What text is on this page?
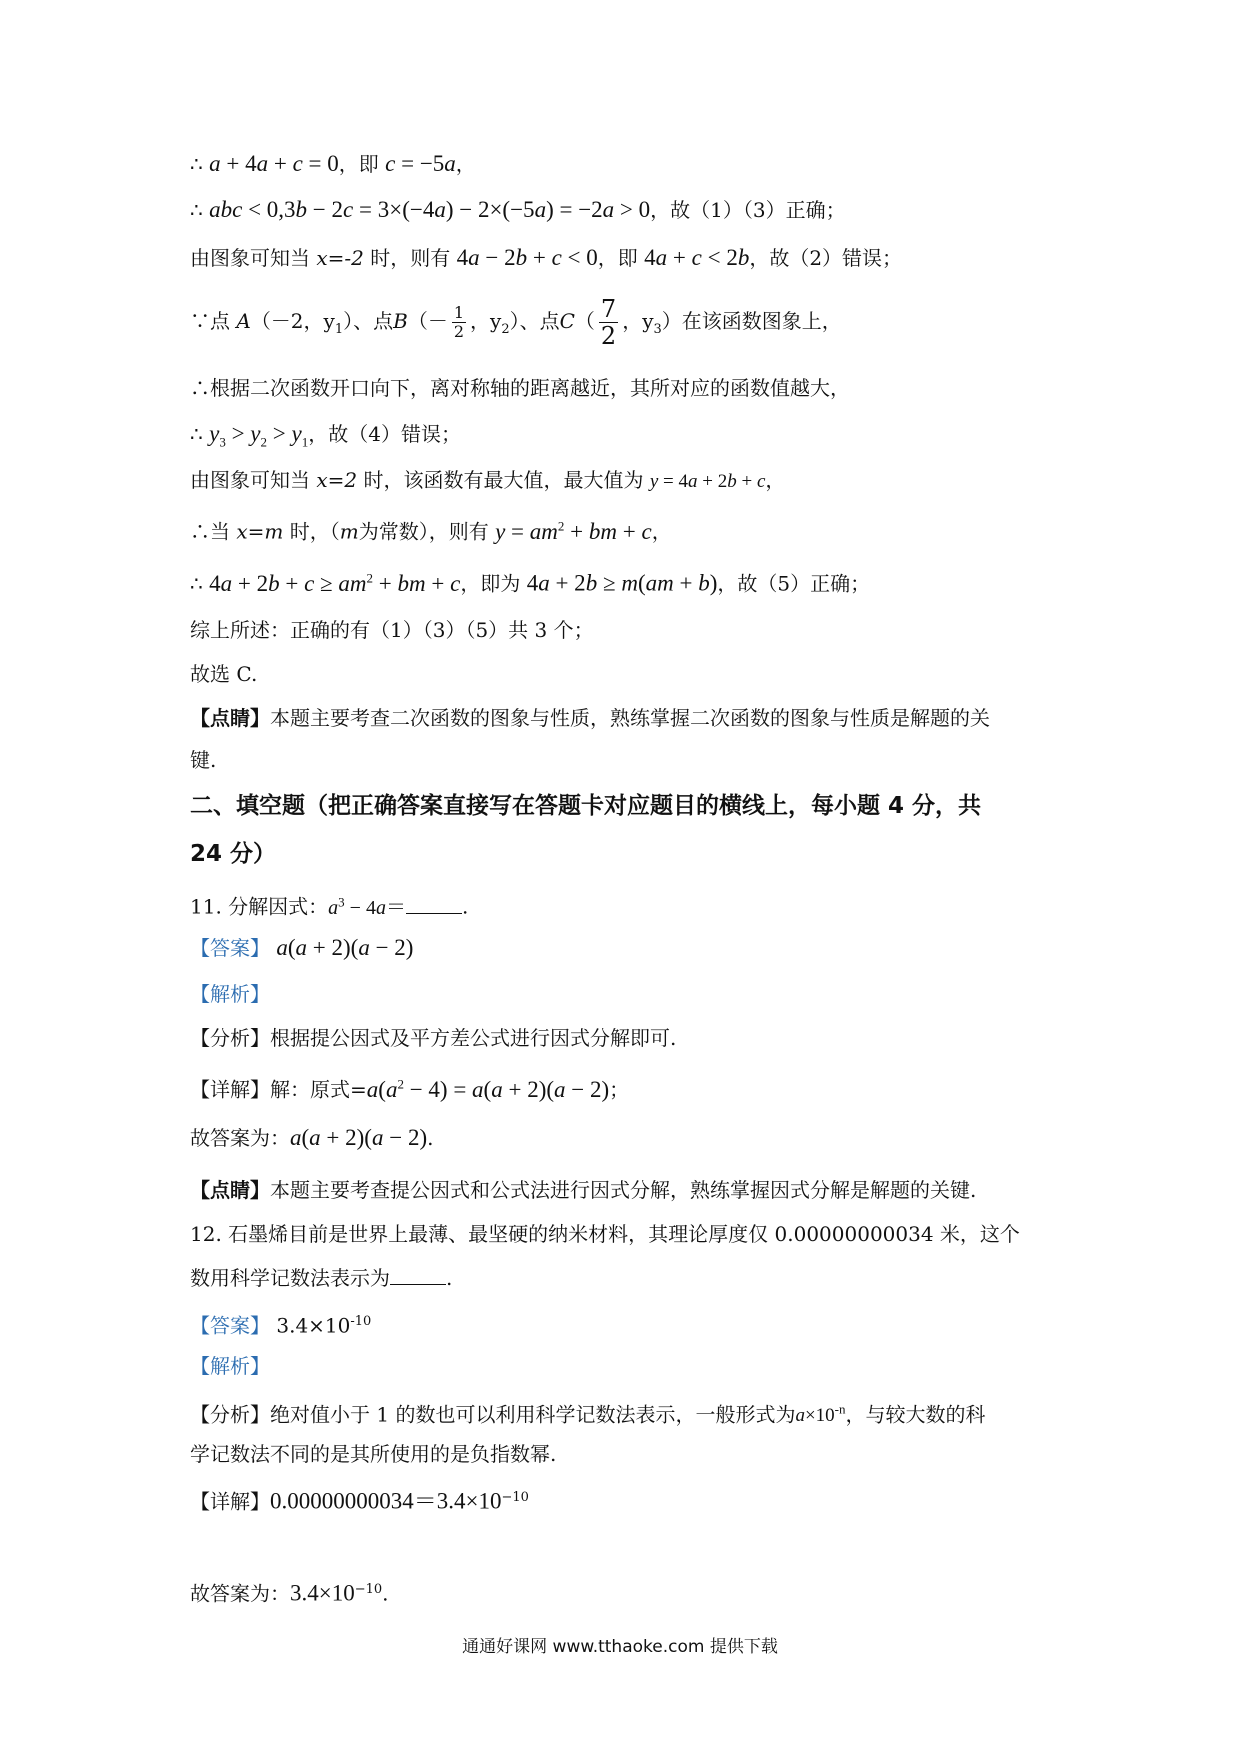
∴ a + 4a + c = 0，即 c = −5a，
∴ abc < 0,3b − 2c = 3×(−4a) − 2×(−5a) = −2a > 0，故（1）（3）正确；
由图象可知当 x=-2 时，则有 4a − 2b + c < 0，即 4a + c < 2b，故（2）错误；
∵点 A（－2，$y_1$）、点$B(- \frac{1}{2}$ ，$y_2$）、点$C( \frac{7}{2}$ ，$y_3$）在该函数图象上，
∴根据二次函数开口向下，离对称轴的距离越近，其所对应的函数值越大，
∴ $y_3 > y_2 > y_1$，故（4）错误；
由图象可知当 x=2 时，该函数有最大值，最大值为 y = 4a + 2b + c，
∴当 x=m 时，（m为常数），则有 $y = am^2$ + bm + c，
∴ $4a + 2b + c \ge am^2$ + bm + c，即为 4a + 2b ≥ m(am + b)，故（5）正确；
综上所述：正确的有（1）（3）（5）共 3 个；
故选 C.
【点睛】本题主要考查二次函数的图象与性质，熟练掌握二次函数的图象与性质是解题的关
键.
二、填空题（把正确答案直接写在答题卡对应题目的横线上，每小题 4 分，共
24 分）
11. 分解因式：$a^3 - 4a=$	.
【答案】 a(a + 2)(a − 2)
【解析】
【分析】根据提公因式及平方差公式进行因式分解即可.
【详解】解：原式$=a(a^2 - 4) = a(a + 2)(a - 2)$；
故答案为：a(a + 2)(a − 2).
【点睛】本题主要考查提公因式和公式法进行因式分解，熟练掌握因式分解是解题的关键.
12. 石墨烯目前是世界上最薄、最坚硬的纳米材料，其理论厚度仅 0.00000000034 米，这个
数用科学记数法表示为	.
【答案】 $3.4\times 10^{-10}$
【解析】
【分析】绝对值小于 1 的数也可以利用科学记数法表示，一般形式为$a\times 10^{-n}$，与较大数的科
学记数法不同的是其所使用的是负指数幂.
【详解】$0.00000000034=3.4\times 10^{-10}$
故答案为：$3.4\times 10^{-10}$.
通通好课网 www.tthaoke.com 提供下载
